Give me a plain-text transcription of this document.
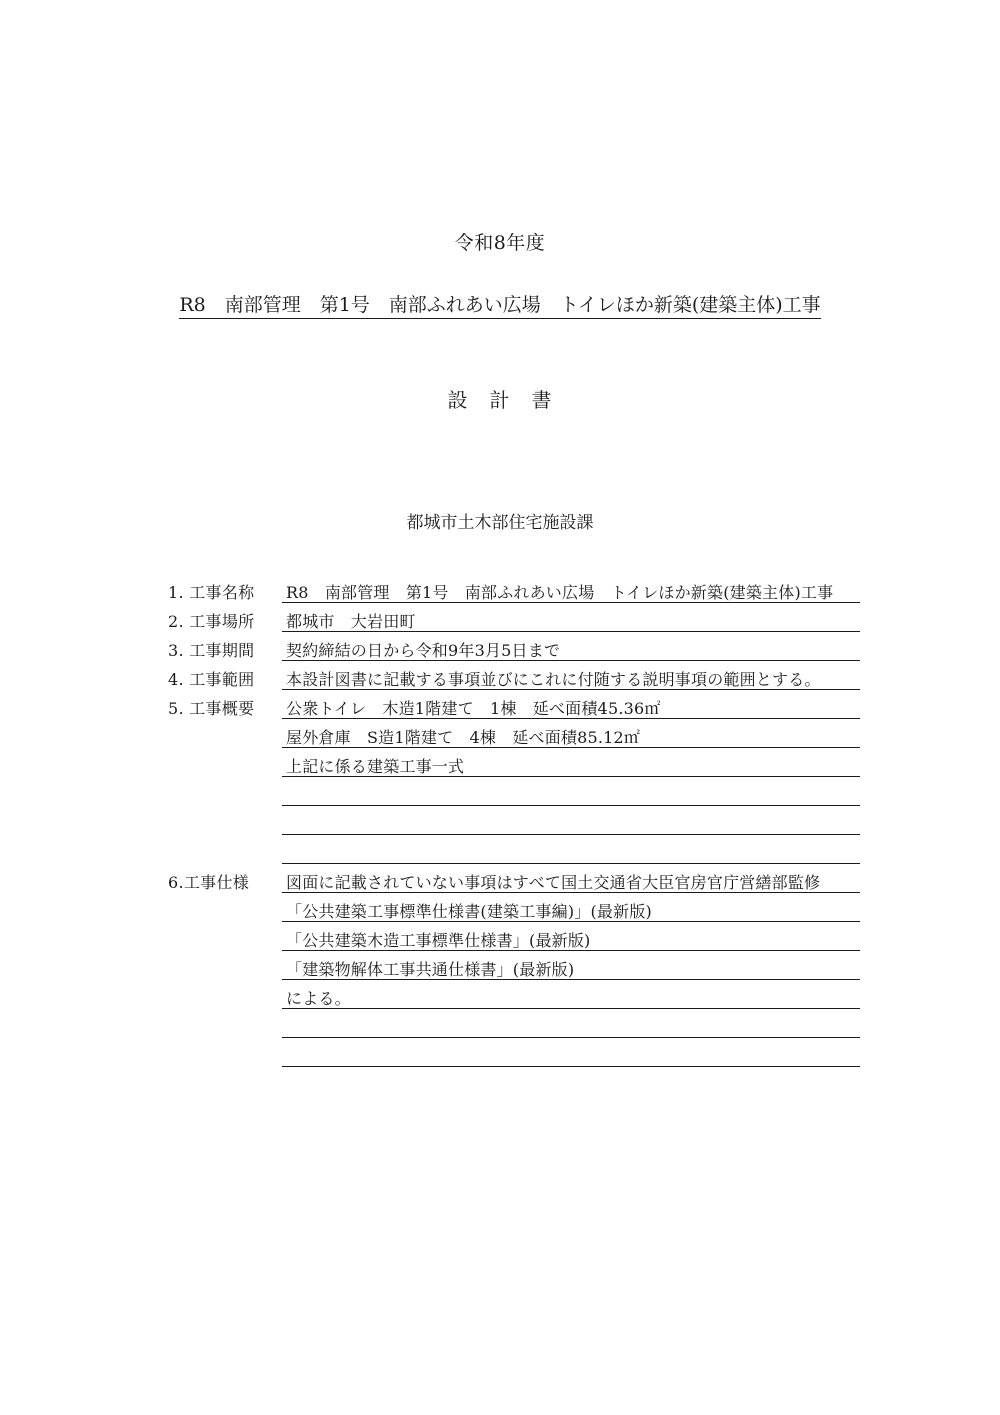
令和8年度
R8　南部管理　第1号　南部ふれあい広場　トイレほか新築(建築主体)工事
設　計　書
都城市土木部住宅施設課
1. 工事名称 R8　南部管理　第1号　南部ふれあい広場　トイレほか新築(建築主体)工事
2. 工事場所 都城市　大岩田町
3. 工事期間 契約締結の日から令和9年3月5日まで
4. 工事範囲 本設計図書に記載する事項並びにこれに付随する説明事項の範囲とする。
5. 工事概要 公衆トイレ　木造1階建て　1棟　延べ面積45.36㎡
屋外倉庫　S造1階建て　4棟　延べ面積85.12㎡
上記に係る建築工事一式
6.工事仕様 図面に記載されていない事項はすべて国土交通省大臣官房官庁営繕部監修
「公共建築工事標準仕様書(建築工事編)」(最新版)
「公共建築木造工事標準仕様書」(最新版)
「建築物解体工事共通仕様書」(最新版)
による。
